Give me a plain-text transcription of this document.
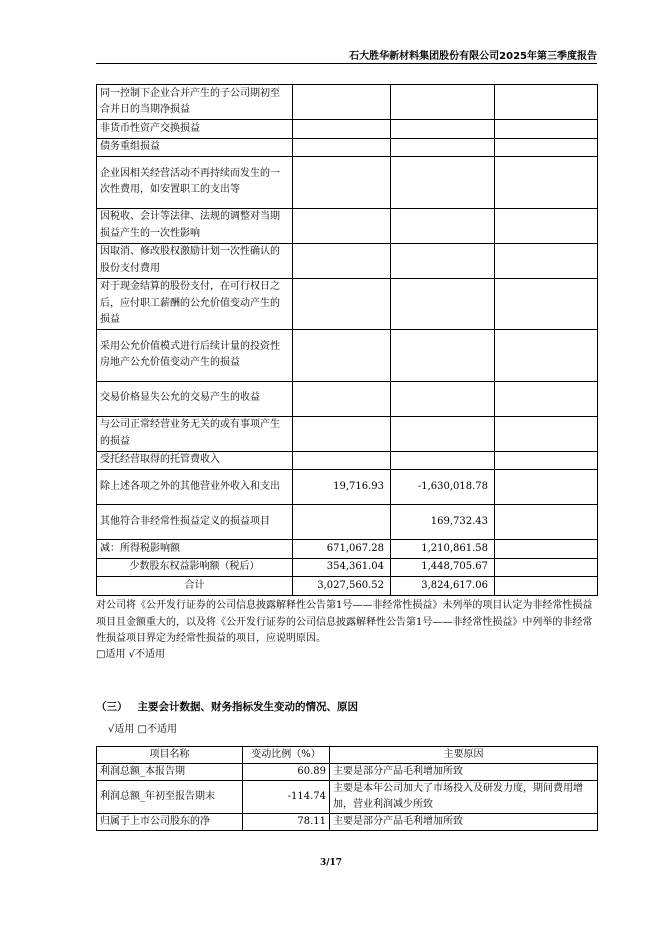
石大胜华新材料集团股份有限公司2025年第三季度报告
同一控制下企业合并产生的子公司期初至合并日的当期净损益			
非货币性资产交换损益			
债务重组损益			
企业因相关经营活动不再持续而发生的一次性费用，如安置职工的支出等			
因税收、会计等法律、法规的调整对当期损益产生的一次性影响			
因取消、修改股权激励计划一次性确认的股份支付费用			
对于现金结算的股份支付，在可行权日之后，应付职工薪酬的公允价值变动产生的损益			
采用公允价值模式进行后续计量的投资性房地产公允价值变动产生的损益			
交易价格显失公允的交易产生的收益			
与公司正常经营业务无关的或有事项产生的损益			
受托经营取得的托管费收入			
除上述各项之外的其他营业外收入和支出	19,716.93	-1,630,018.78	
其他符合非经常性损益定义的损益项目		169,732.43	
减：所得税影响额	671,067.28	1,210,861.58	
少数股东权益影响额（税后）	354,361.04	1,448,705.67	
合计	3,027,560.52	3,824,617.06	
对公司将《公开发行证券的公司信息披露解释性公告第1号——非经常性损益》未列举的项目认定为非经常性损益项目且金额重大的，以及将《公开发行证券的公司信息披露解释性公告第1号——非经常性损益》中列举的非经常性损益项目界定为经常性损益的项目，应说明原因。
□适用 √不适用
（三） 主要会计数据、财务指标发生变动的情况、原因
√适用 □不适用
项目名称	变动比例（%）	主要原因
利润总额_本报告期	60.89	主要是部分产品毛利增加所致
利润总额_年初至报告期末	-114.74	主要是本年公司加大了市场投入及研发力度，期间费用增加，营业利润减少所致
归属于上市公司股东的净	78.11	主要是部分产品毛利增加所致
3/17
